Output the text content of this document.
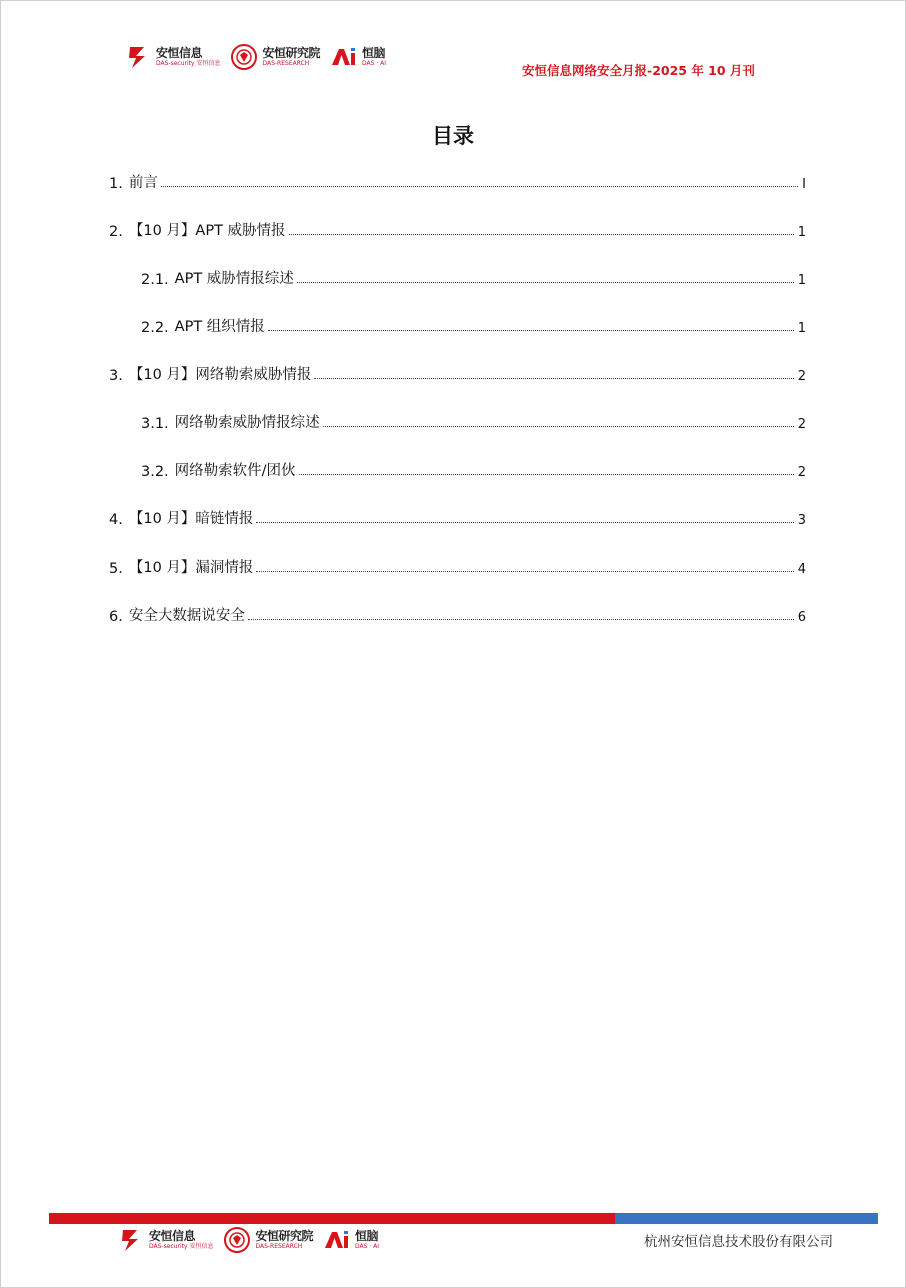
安恒信息
DAS-security 安恒信息
安恒研究院
DAS-RESEARCH
恒脑
DAS · AI	安恒信息网络安全月报-2025 年 10 月刊
目录
1. 前言	I
2. 【10 月】APT 威胁情报	1
2.1. APT 威胁情报综述	1
2.2. APT 组织情报	1
3. 【10 月】网络勒索威胁情报	2
3.1. 网络勒索威胁情报综述	2
3.2. 网络勒索软件/团伙	2
4. 【10 月】暗链情报	3
5. 【10 月】漏洞情报	4
6. 安全大数据说安全	6
安恒信息
DAS-security 安恒信息
安恒研究院
DAS-RESEARCH
恒脑
DAS · AI	杭州安恒信息技术股份有限公司
